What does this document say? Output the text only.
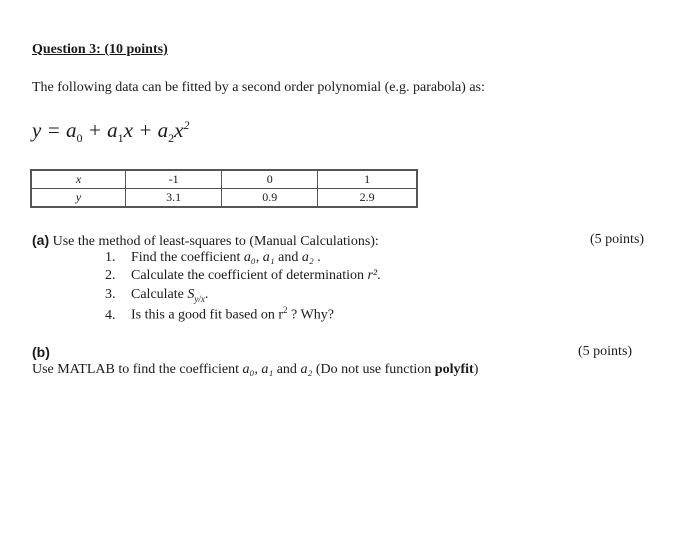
Question 3: (10 points)
The following data can be fitted by a second order polynomial (e.g. parabola) as:
$y = a_0 + a_1x + a_2x^2$
x	-1	0	1
y	3.1	0.9	2.9
(a) Use the method of least-squares to (Manual Calculations):	(5 points)
1. Find the coefficient a₀, a₁ and a₂ .
2. Calculate the coefficient of determination r².
3. Calculate $S_{y/x}$.
4. Is this a good fit based on $r^2$ ? Why?
(b)	(5 points)
Use MATLAB to find the coefficient a₀, a₁ and a₂ (Do not use function polyfit)
